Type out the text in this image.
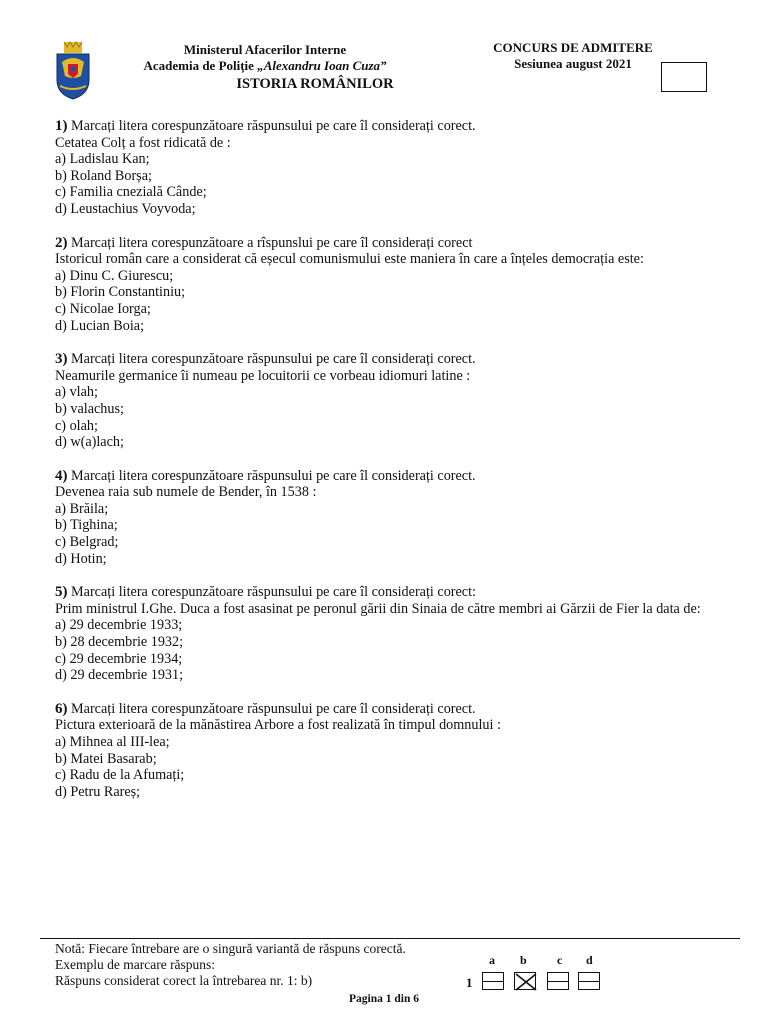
Ministerul Afacerilor Interne
Academia de Poliție „Alexandru Ioan Cuza”
ISTORIA ROMÂNILOR
CONCURS DE ADMITERE
Sesiunea august 2021

1) Marcați litera corespunzătoare răspunsului pe care îl considerați corect.

Cetatea Colț a fost ridicată de :

a) Ladislau Kan;

b) Roland Borșa;

c) Familia cnezială Cânde;

d) Leustachius Voyvoda;

2) Marcați litera corespunzătoare a rîspunslui pe care îl considerați corect

Istoricul român care a considerat că eșecul comunismului este maniera în care a înțeles democrația este:

a) Dinu C. Giurescu;

b) Florin Constantiniu;

c) Nicolae Iorga;

d) Lucian Boia;

3) Marcați litera corespunzătoare răspunsului pe care îl considerați corect.

Neamurile germanice îi numeau pe locuitorii ce vorbeau idiomuri latine :

a) vlah;

b) valachus;

c) olah;

d) w(a)lach;

4) Marcați litera corespunzătoare răspunsului pe care îl considerați corect.

Devenea raia sub numele de Bender, în 1538 :

a) Brăila;

b) Tighina;

c) Belgrad;

d) Hotin;

5) Marcați litera corespunzătoare răspunsului pe care îl considerați corect:

Prim ministrul I.Ghe. Duca a fost asasinat pe peronul gării din Sinaia de către membri ai Gărzii de Fier la data de:

a) 29 decembrie 1933;

b) 28 decembrie 1932;

c) 29 decembrie 1934;

d) 29 decembrie 1931;

6) Marcați litera corespunzătoare răspunsului pe care îl considerați corect.

Pictura exterioară de la mănăstirea Arbore a fost realizată în timpul domnului :

a) Mihnea al III-lea;

b) Matei Basarab;

c) Radu de la Afumați;

d) Petru Rareș;

Notă: Fiecare întrebare are o singură variantă de răspuns corectă.

Exemplu de marcare răspuns:

Răspuns considerat corect la întrebarea nr. 1: b)

a b	c d
1
Pagina 1 din 6
